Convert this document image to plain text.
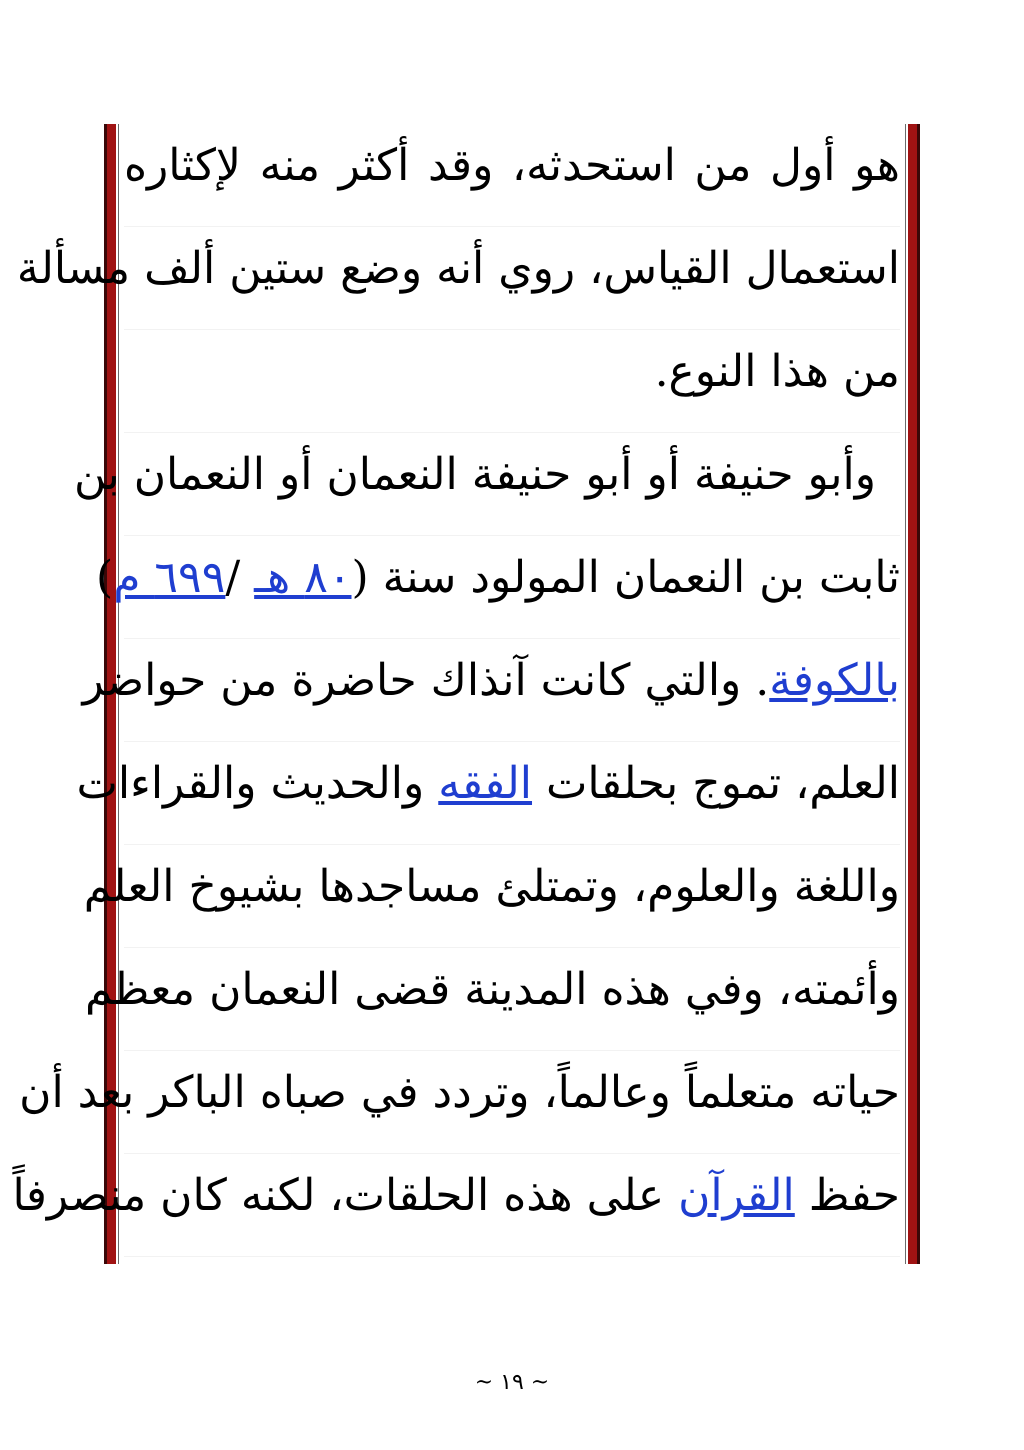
هو أول من استحدثه، وقد أكثر منه لإكثاره
استعمال القياس، روي أنه وضع ستين ألف مسألة
من هذا النوع.
وأبو حنيفة أو أبو حنيفة النعمان أو النعمان بن
ثابت بن النعمان المولود سنة (٨٠ هـ /٦٩٩ م)
بالكوفة. والتي كانت آنذاك حاضرة من حواضر
العلم، تموج بحلقات الفقه والحديث والقراءات
واللغة والعلوم، وتمتلئ مساجدها بشيوخ العلم
وأئمته، وفي هذه المدينة قضى النعمان معظم
حياته متعلماً وعالماً، وتردد في صباه الباكر بعد أن
حفظ القرآن على هذه الحلقات، لكنه كان منصرفاً
~ ١٩ ~
